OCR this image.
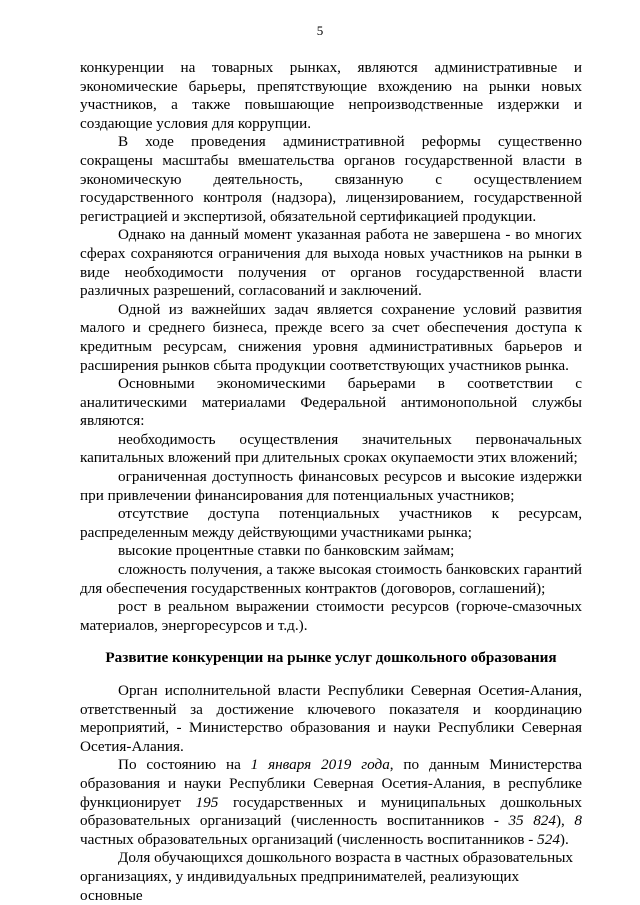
5

конкуренции на товарных рынках, являются административные и экономические барьеры, препятствующие вхождению на рынки новых участников, а также повышающие непроизводственные издержки и создающие условия для коррупции.

В ходе проведения административной реформы существенно сокращены масштабы вмешательства органов государственной власти в экономическую деятельность, связанную с осуществлением государственного контроля (надзора), лицензированием, государственной регистрацией и экспертизой, обязательной сертификацией продукции.

Однако на данный момент указанная работа не завершена - во многих сферах сохраняются ограничения для выхода новых участников на рынки в виде необходимости получения от органов государственной власти различных разрешений, согласований и заключений.

Одной из важнейших задач является сохранение условий развития малого и среднего бизнеса, прежде всего за счет обеспечения доступа к кредитным ресурсам, снижения уровня административных барьеров и расширения рынков сбыта продукции соответствующих участников рынка.

Основными экономическими барьерами в соответствии с аналитическими материалами Федеральной антимонопольной службы являются:

необходимость осуществления значительных первоначальных капитальных вложений при длительных сроках окупаемости этих вложений;

ограниченная доступность финансовых ресурсов и высокие издержки при привлечении финансирования для потенциальных участников;

отсутствие доступа потенциальных участников к ресурсам, распределенным между действующими участниками рынка;

высокие процентные ставки по банковским займам;

сложность получения, а также высокая стоимость банковских гарантий для обеспечения государственных контрактов (договоров, соглашений);

рост в реальном выражении стоимости ресурсов (горюче-смазочных материалов, энергоресурсов и т.д.).

Развитие конкуренции на рынке услуг дошкольного образования

Орган исполнительной власти Республики Северная Осетия-Алания, ответственный за достижение ключевого показателя и координацию мероприятий, - Министерство образования и науки Республики Северная Осетия-Алания.

По состоянию на 1 января 2019 года, по данным Министерства образования и науки Республики Северная Осетия-Алания, в республике функционирует 195 государственных и муниципальных дошкольных образовательных организаций (численность воспитанников - 35 824), 8 частных образовательных организаций (численность воспитанников - 524).

Доля обучающихся дошкольного возраста в частных образовательных организациях, у индивидуальных предпринимателей, реализующих основные
